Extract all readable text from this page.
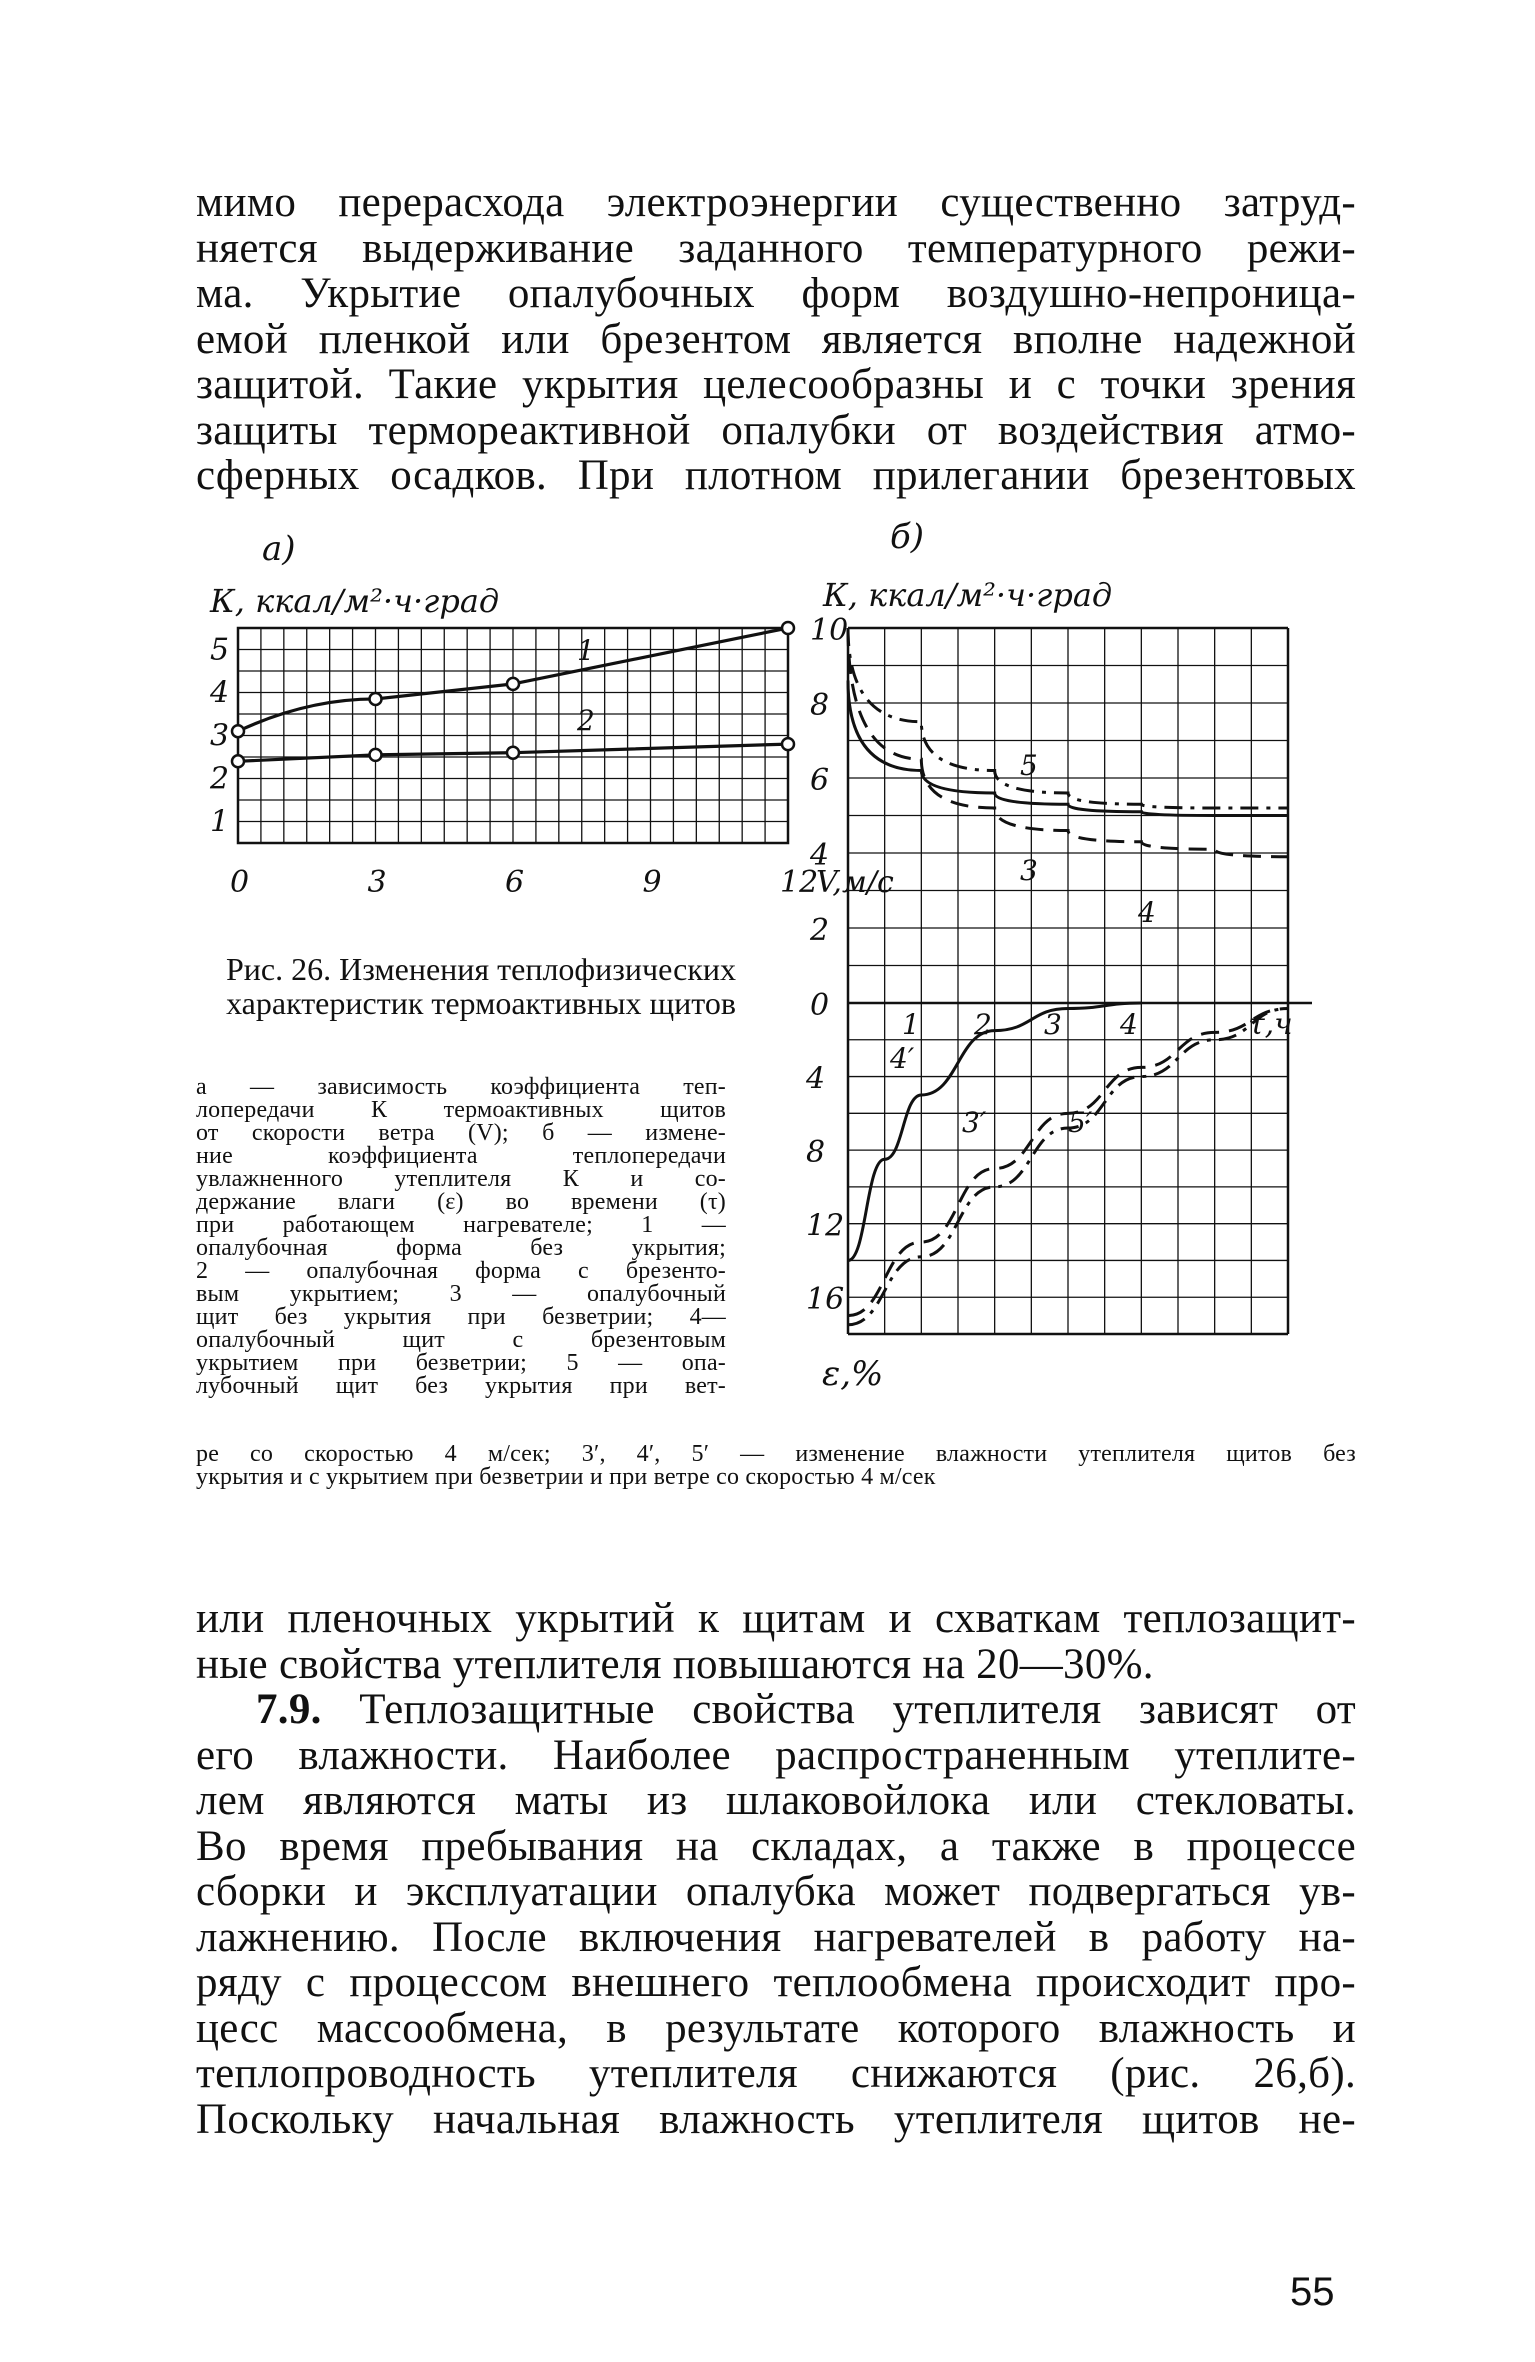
мимо перерасхода электроэнергии существенно затруд-
няется выдерживание заданного температурного режи-
ма. Укрытие опалубочных форм воздушно-непроница-
емой пленкой или брезентом является вполне надежной
защитой. Такие укрытия целесообразны и с точки зрения
защиты термореактивной опалубки от воздействия атмо-
сферных осадков. При плотном прилегании брезентовых
а)
К, ккал/м²·ч·град
0	3	6	9	12
V,м/с
1
2
3
4
5	1
2
б)
К, ккал/м²·ч·град
10
8
6
4
2
0
4
8
12
16
3
4
5
4′
3′	5′
1 2 3 4	τ,ч
ε,%

Рис. 26. Изменения теплофизических характеристик термоактивных щитов

а — зависимость коэффициента теп-
лопередачи К термоактивных щитов
от скорости ветра (V); б — измене-
ние коэффициента теплопередачи
увлажненного утеплителя К и со-
держание влаги (ε) во времени (τ)
при работающем нагревателе; 1 —
опалубочная форма без укрытия;
2 — опалубочная форма с брезенто-
вым укрытием; 3 — опалубочный
щит без укрытия при безветрии; 4—
опалубочный щит с брезентовым
укрытием при безветрии; 5 — опа-
лубочный щит без укрытия при вет-
ре со скоростью 4 м/сек; 3′, 4′, 5′ — изменение влажности утеплителя щитов без
укрытия и с укрытием при безветрии и при ветре со скоростью 4 м/сек
или пленочных укрытий к щитам и схваткам теплозащит-
ные свойства утеплителя повышаются на 20—30%.
7.9. Теплозащитные свойства утеплителя зависят от
его влажности. Наиболее распространенным утеплите-
лем являются маты из шлаковойлока или стекловаты.
Во время пребывания на складах, а также в процессе
сборки и эксплуатации опалубка может подвергаться ув-
лажнению. После включения нагревателей в работу на-
ряду с процессом внешнего теплообмена происходит про-
цесс массообмена, в результате которого влажность и
теплопроводность утеплителя снижаются (рис. 26,б).
Поскольку начальная влажность утеплителя щитов не-
55
